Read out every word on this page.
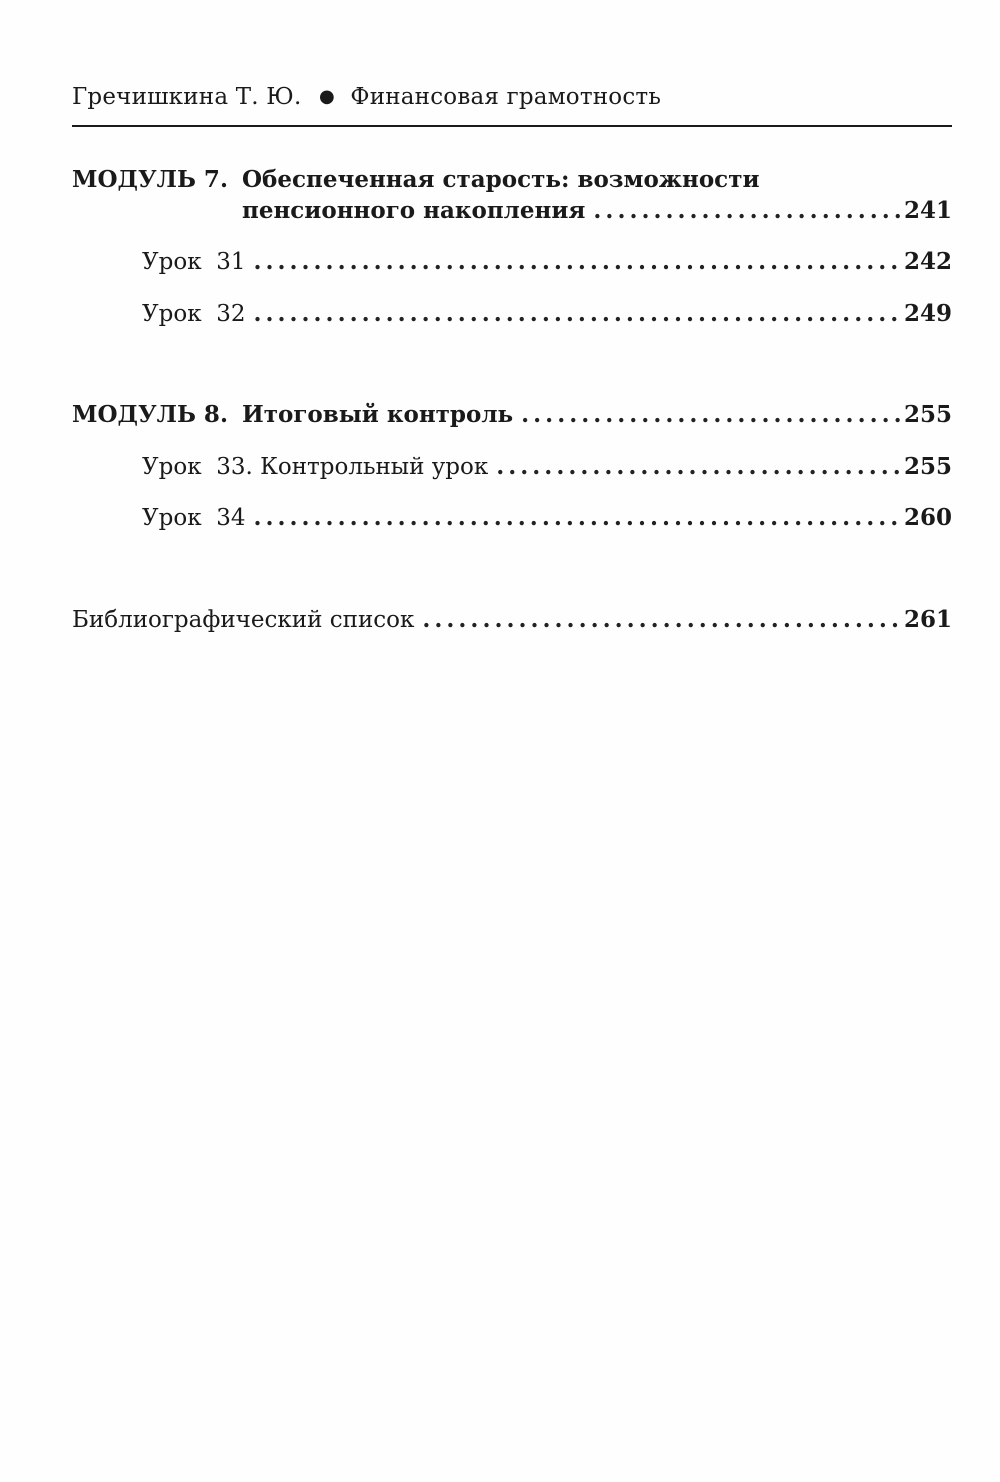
Гречишкина Т. Ю. ● Финансовая грамотность
МОДУЛЬ 7. Обеспеченная старость: возможности
пенсионного накопления . . .	241
Урок  31 . . .	242
Урок  32 . . .	249
МОДУЛЬ 8. Итоговый контроль . . .	255
Урок  33. Контрольный урок . . .	255
Урок  34 . . .	260
Библиографический список . . .	261
